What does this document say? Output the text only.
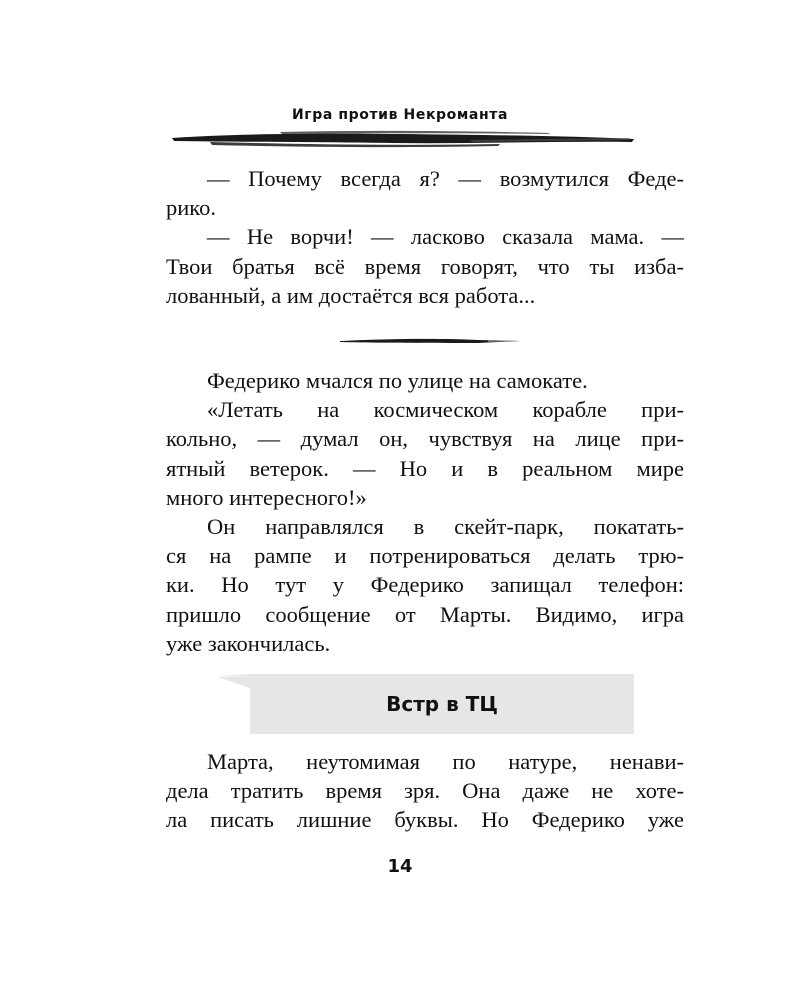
Игра против Некроманта

— Почему всегда я? — возмутился Феде-
рико.

— Не ворчи! — ласково сказала мама. —
Твои братья всё время говорят, что ты изба-
лованный, а им достаётся вся работа...

Федерико мчался по улице на самокате.

«Летать на космическом корабле при-
кольно, — думал он, чувствуя на лице при-
ятный ветерок. — Но и в реальном мире
много интересного!»

Он направлялся в скейт-парк, покатать-
ся на рампе и потренироваться делать трю-
ки. Но тут у Федерико запищал телефон:
пришло сообщение от Марты. Видимо, игра
уже закончилась.

Встр в ТЦ

Марта, неутомимая по натуре, ненави-
дела тратить время зря. Она даже не хоте-
ла писать лишние буквы. Но Федерико уже

14
